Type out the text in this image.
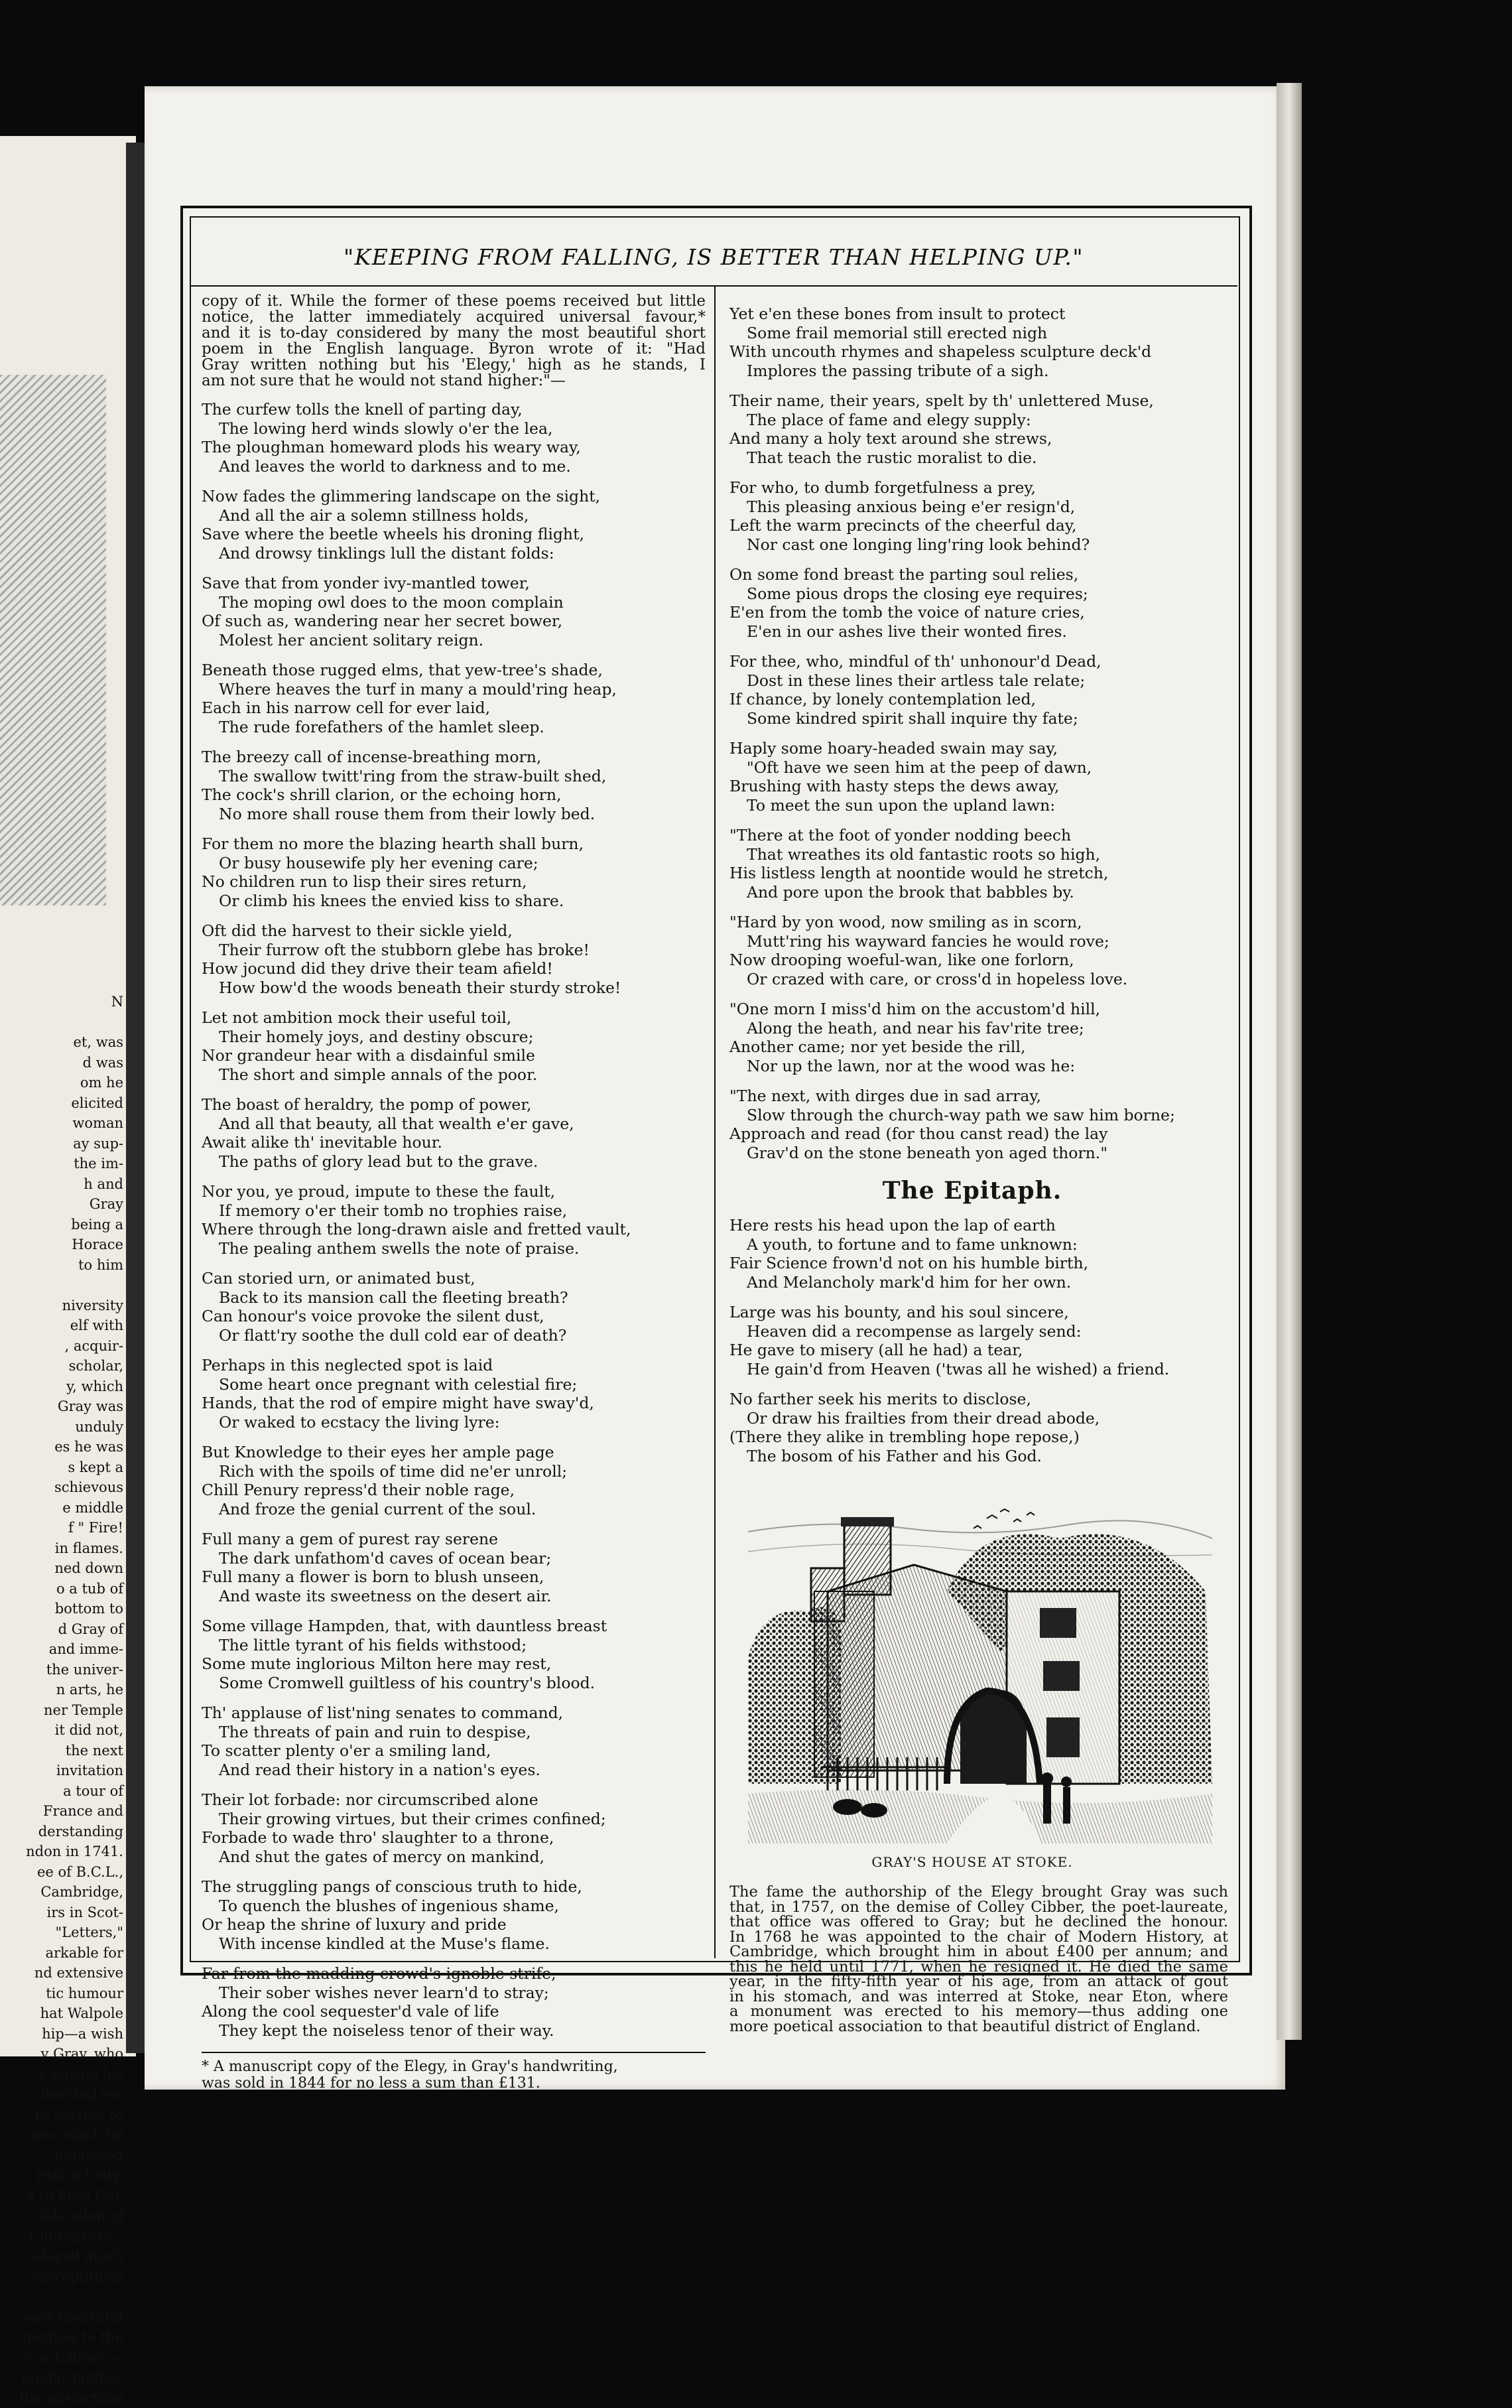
N

et, was
d was
om he
elicited
woman
ay sup-
the im-
h and
Gray
being a
Horace
to him

niversity
elf with
, acquir-
scholar,
y, which
Gray was
unduly
es he was
s kept a
schievous
e middle
f " Fire!
in flames.
ned down
o a tub of
bottom to
d Gray of
and imme-
the univer-
n arts, he
ner Temple
it did not,
the next
invitation
a tour of
France and
derstanding
ndon in 1741.
ee of B.C.L.,
Cambridge,
irs in Scot-
"Letters,"
arkable for
nd extensive
tic humour
hat Walpole
hip—a wish
y Gray, who
e during his
devoted en-
re carried to
nes which he
" published
ntal activity.
s to Eton Col-
ublication of
Churchyard,"
elayed much
surreptitious

ears mournful
testifies to the
s as follows:—
tender mother
the misfortune
"KEEPING FROM FALLING, IS BETTER THAN HELPING UP."
copy of it. While the former of these poems received but little
notice, the latter immediately acquired universal favour,*
and it is to-day considered by many the most beautiful short
poem in the English language. Byron wrote of it: "Had
Gray written nothing but his 'Elegy,' high as he stands, I
am not sure that he would not stand higher:"—
The curfew tolls the knell of parting day,
The lowing herd winds slowly o'er the lea,
The ploughman homeward plods his weary way,
And leaves the world to darkness and to me.
Now fades the glimmering landscape on the sight,
And all the air a solemn stillness holds,
Save where the beetle wheels his droning flight,
And drowsy tinklings lull the distant folds:
Save that from yonder ivy-mantled tower,
The moping owl does to the moon complain
Of such as, wandering near her secret bower,
Molest her ancient solitary reign.
Beneath those rugged elms, that yew-tree's shade,
Where heaves the turf in many a mould'ring heap,
Each in his narrow cell for ever laid,
The rude forefathers of the hamlet sleep.
The breezy call of incense-breathing morn,
The swallow twitt'ring from the straw-built shed,
The cock's shrill clarion, or the echoing horn,
No more shall rouse them from their lowly bed.
For them no more the blazing hearth shall burn,
Or busy housewife ply her evening care;
No children run to lisp their sires return,
Or climb his knees the envied kiss to share.
Oft did the harvest to their sickle yield,
Their furrow oft the stubborn glebe has broke!
How jocund did they drive their team afield!
How bow'd the woods beneath their sturdy stroke!
Let not ambition mock their useful toil,
Their homely joys, and destiny obscure;
Nor grandeur hear with a disdainful smile
The short and simple annals of the poor.
The boast of heraldry, the pomp of power,
And all that beauty, all that wealth e'er gave,
Await alike th' inevitable hour.
The paths of glory lead but to the grave.
Nor you, ye proud, impute to these the fault,
If memory o'er their tomb no trophies raise,
Where through the long-drawn aisle and fretted vault,
The pealing anthem swells the note of praise.
Can storied urn, or animated bust,
Back to its mansion call the fleeting breath?
Can honour's voice provoke the silent dust,
Or flatt'ry soothe the dull cold ear of death?
Perhaps in this neglected spot is laid
Some heart once pregnant with celestial fire;
Hands, that the rod of empire might have sway'd,
Or waked to ecstacy the living lyre:
But Knowledge to their eyes her ample page
Rich with the spoils of time did ne'er unroll;
Chill Penury repress'd their noble rage,
And froze the genial current of the soul.
Full many a gem of purest ray serene
The dark unfathom'd caves of ocean bear;
Full many a flower is born to blush unseen,
And waste its sweetness on the desert air.
Some village Hampden, that, with dauntless breast
The little tyrant of his fields withstood;
Some mute inglorious Milton here may rest,
Some Cromwell guiltless of his country's blood.
Th' applause of list'ning senates to command,
The threats of pain and ruin to despise,
To scatter plenty o'er a smiling land,
And read their history in a nation's eyes.
Their lot forbade: nor circumscribed alone
Their growing virtues, but their crimes confined;
Forbade to wade thro' slaughter to a throne,
And shut the gates of mercy on mankind,
The struggling pangs of conscious truth to hide,
To quench the blushes of ingenious shame,
Or heap the shrine of luxury and pride
With incense kindled at the Muse's flame.
Far from the madding crowd's ignoble strife,
Their sober wishes never learn'd to stray;
Along the cool sequester'd vale of life
They kept the noiseless tenor of their way.
* A manuscript copy of the Elegy, in Gray's handwriting,
was sold in 1844 for no less a sum than £131.
Yet e'en these bones from insult to protect
Some frail memorial still erected nigh
With uncouth rhymes and shapeless sculpture deck'd
Implores the passing tribute of a sigh.
Their name, their years, spelt by th' unlettered Muse,
The place of fame and elegy supply:
And many a holy text around she strews,
That teach the rustic moralist to die.
For who, to dumb forgetfulness a prey,
This pleasing anxious being e'er resign'd,
Left the warm precincts of the cheerful day,
Nor cast one longing ling'ring look behind?
On some fond breast the parting soul relies,
Some pious drops the closing eye requires;
E'en from the tomb the voice of nature cries,
E'en in our ashes live their wonted fires.
For thee, who, mindful of th' unhonour'd Dead,
Dost in these lines their artless tale relate;
If chance, by lonely contemplation led,
Some kindred spirit shall inquire thy fate;
Haply some hoary-headed swain may say,
"Oft have we seen him at the peep of dawn,
Brushing with hasty steps the dews away,
To meet the sun upon the upland lawn:
"There at the foot of yonder nodding beech
That wreathes its old fantastic roots so high,
His listless length at noontide would he stretch,
And pore upon the brook that babbles by.
"Hard by yon wood, now smiling as in scorn,
Mutt'ring his wayward fancies he would rove;
Now drooping woeful-wan, like one forlorn,
Or crazed with care, or cross'd in hopeless love.
"One morn I miss'd him on the accustom'd hill,
Along the heath, and near his fav'rite tree;
Another came; nor yet beside the rill,
Nor up the lawn, nor at the wood was he:
"The next, with dirges due in sad array,
Slow through the church-way path we saw him borne;
Approach and read (for thou canst read) the lay
Grav'd on the stone beneath yon aged thorn."
The Epitaph.
Here rests his head upon the lap of earth
A youth, to fortune and to fame unknown:
Fair Science frown'd not on his humble birth,
And Melancholy mark'd him for her own.
Large was his bounty, and his soul sincere,
Heaven did a recompense as largely send:
He gave to misery (all he had) a tear,
He gain'd from Heaven ('twas all he wished) a friend.
No farther seek his merits to disclose,
Or draw his frailties from their dread abode,
(There they alike in trembling hope repose,)
The bosom of his Father and his God.
GRAY'S HOUSE AT STOKE.
The fame the authorship of the Elegy brought Gray was such
that, in 1757, on the demise of Colley Cibber, the poet-laureate,
that office was offered to Gray; but he declined the honour.
In 1768 he was appointed to the chair of Modern History, at
Cambridge, which brought him in about £400 per annum; and
this he held until 1771, when he resigned it. He died the same
year, in the fifty-fifth year of his age, from an attack of gout
in his stomach, and was interred at Stoke, near Eton, where
a monument was erected to his memory—thus adding one
more poetical association to that beautiful district of England.
